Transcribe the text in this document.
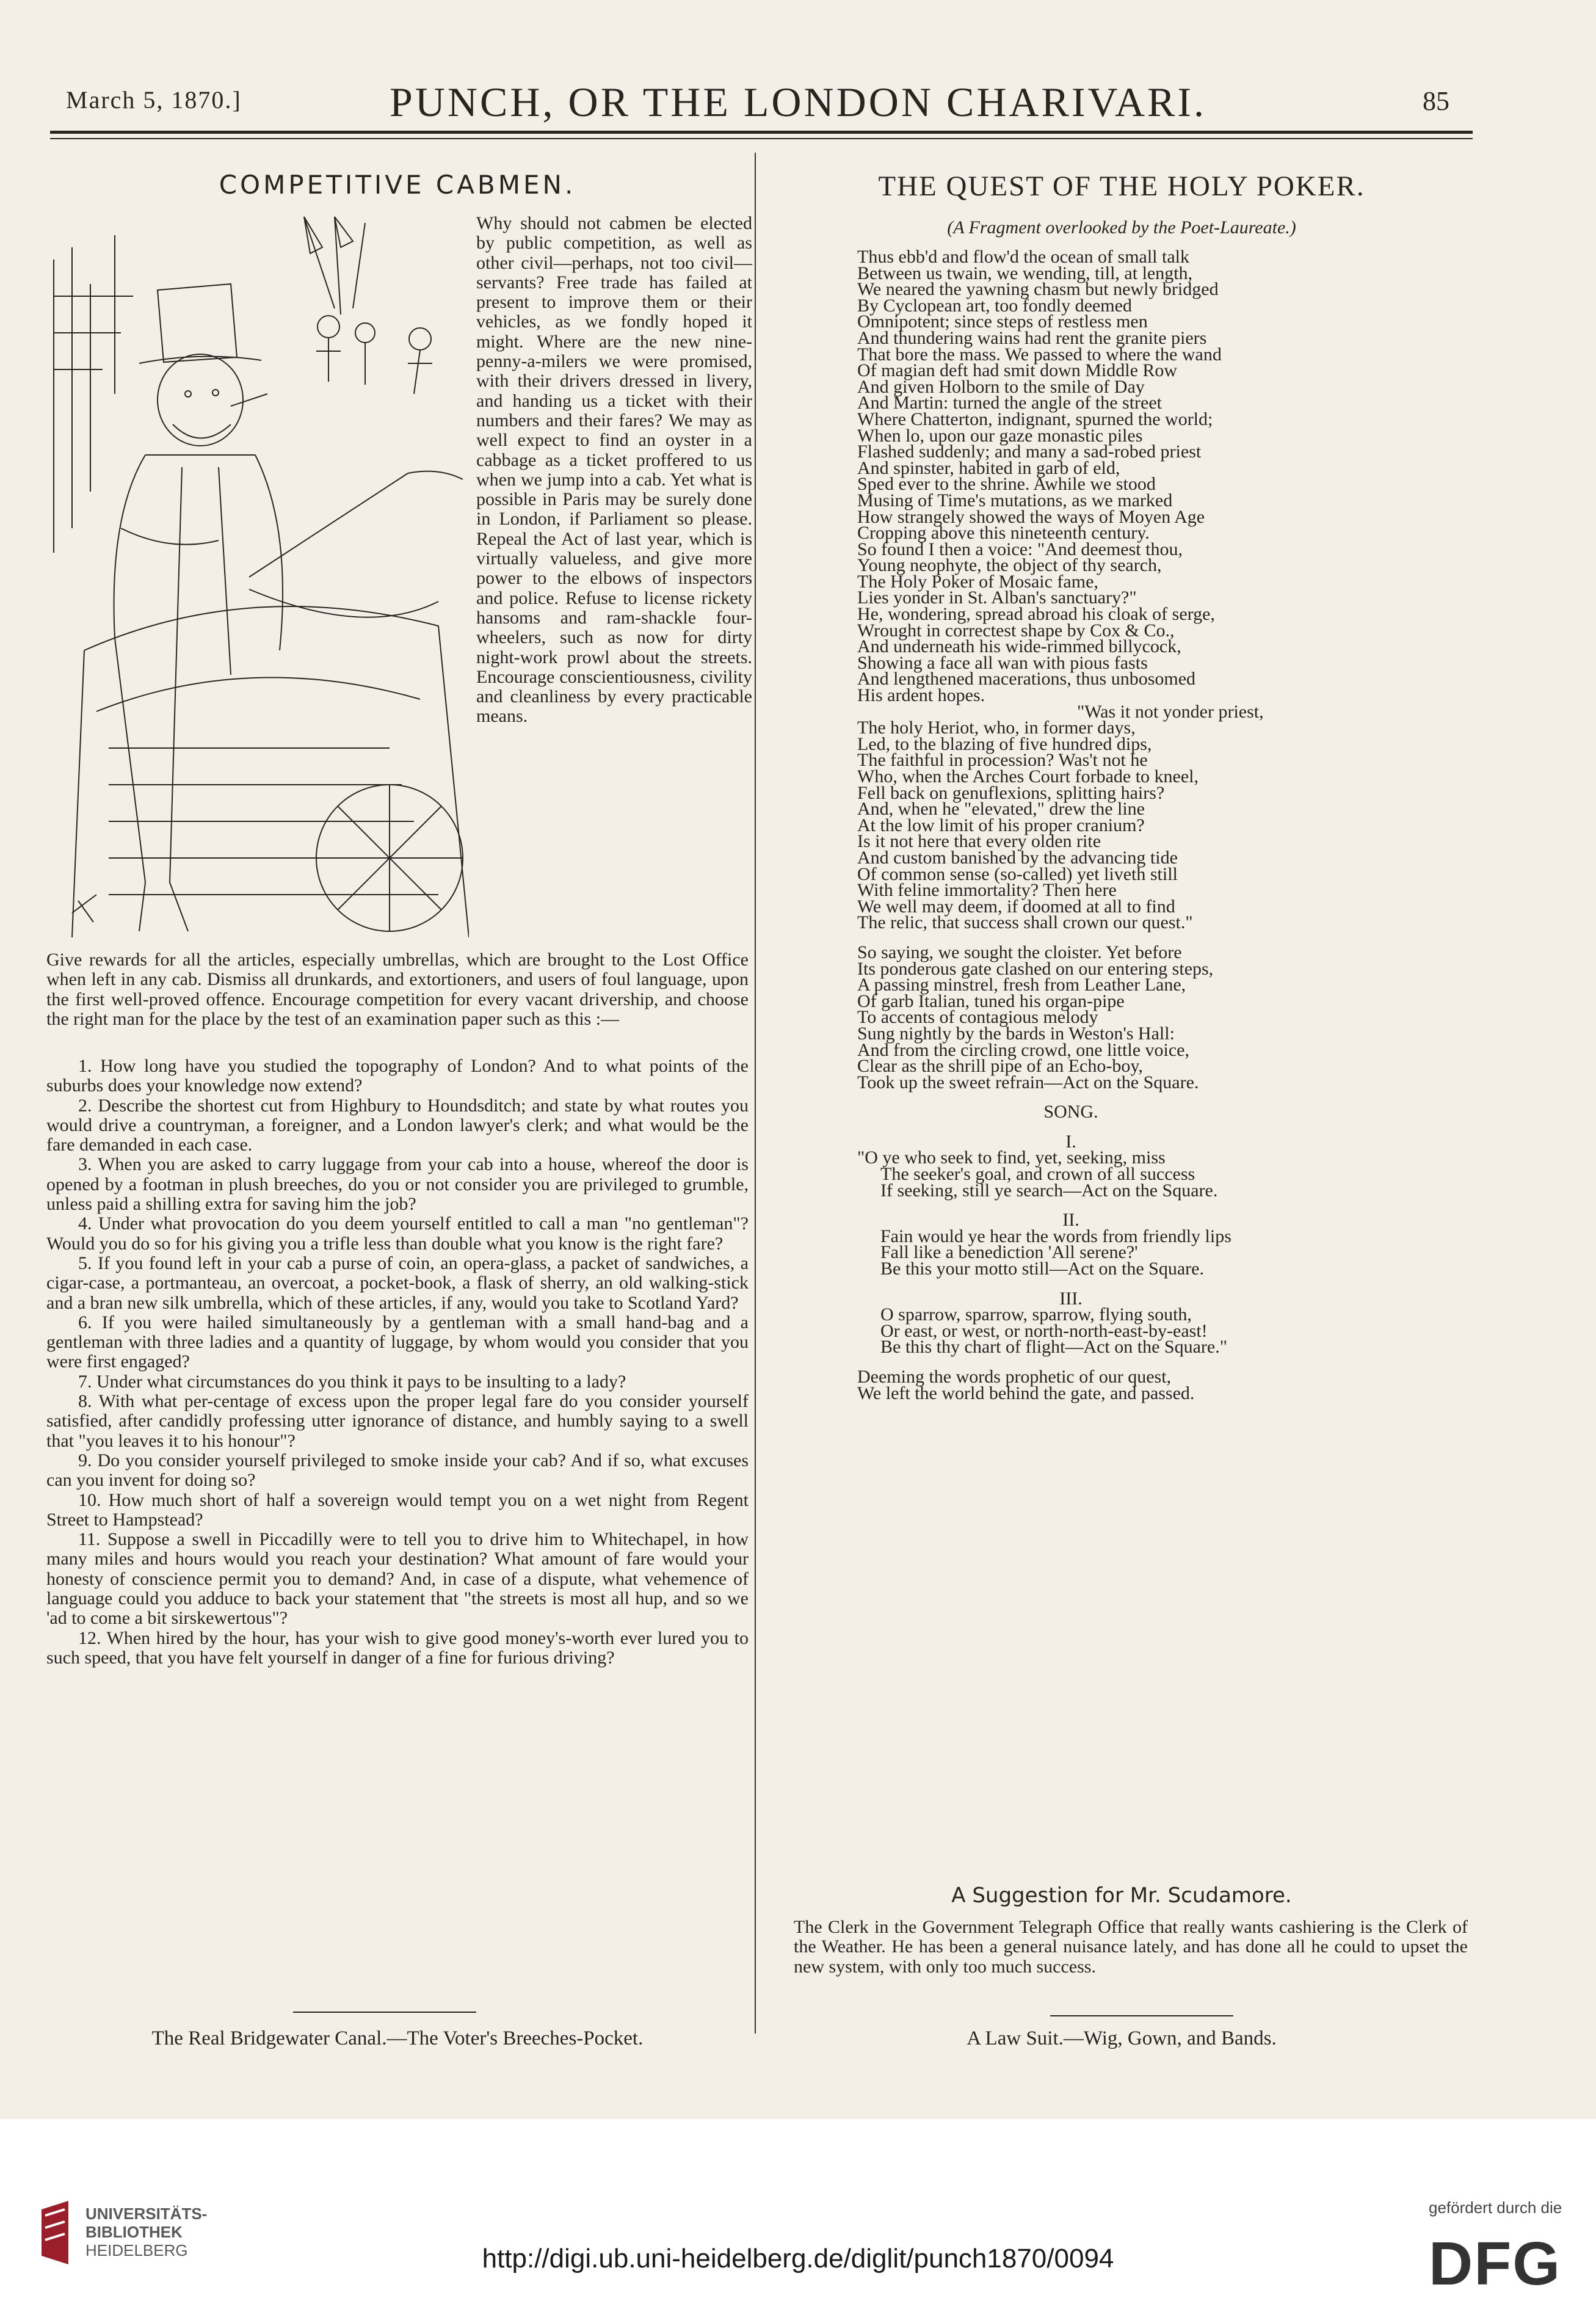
March 5, 1870.]	PUNCH, OR THE LONDON CHARIVARI.	85
COMPETITIVE CABMEN.
Why should not cabmen be elected by public competition, as well as other civil—perhaps, not too civil—servants? Free trade has failed at present to improve them or their vehicles, as we fondly hoped it might. Where are the new nine-penny-a-milers we were promised, with their drivers dressed in livery, and handing us a ticket with their numbers and their fares? We may as well expect to find an oyster in a cabbage as a ticket proffered to us when we jump into a cab. Yet what is possible in Paris may be surely done in London, if Parliament so please. Repeal the Act of last year, which is virtually valueless, and give more power to the elbows of inspectors and police. Refuse to license rickety hansoms and ram-shackle four-wheelers, such as now for dirty night-work prowl about the streets. Encourage conscientiousness, civility and cleanliness by every practicable means.
Give rewards for all the articles, especially umbrellas, which are brought to the Lost Office when left in any cab. Dismiss all drunkards, and extortioners, and users of foul language, upon the first well-proved offence. Encourage competition for every vacant drivership, and choose the right man for the place by the test of an examination paper such as this :—

1. How long have you studied the topography of London? And to what points of the suburbs does your knowledge now extend?

2. Describe the shortest cut from Highbury to Houndsditch; and state by what routes you would drive a countryman, a foreigner, and a London lawyer's clerk; and what would be the fare demanded in each case.

3. When you are asked to carry luggage from your cab into a house, whereof the door is opened by a footman in plush breeches, do you or not consider you are privileged to grumble, unless paid a shilling extra for saving him the job?

4. Under what provocation do you deem yourself entitled to call a man "no gentleman"? Would you do so for his giving you a trifle less than double what you know is the right fare?

5. If you found left in your cab a purse of coin, an opera-glass, a packet of sandwiches, a cigar-case, a portmanteau, an overcoat, a pocket-book, a flask of sherry, an old walking-stick and a bran new silk umbrella, which of these articles, if any, would you take to Scotland Yard?

6. If you were hailed simultaneously by a gentleman with a small hand-bag and a gentleman with three ladies and a quantity of luggage, by whom would you consider that you were first engaged?

7. Under what circumstances do you think it pays to be insulting to a lady?

8. With what per-centage of excess upon the proper legal fare do you consider yourself satisfied, after candidly professing utter ignorance of distance, and humbly saying to a swell that "you leaves it to his honour"?

9. Do you consider yourself privileged to smoke inside your cab? And if so, what excuses can you invent for doing so?

10. How much short of half a sovereign would tempt you on a wet night from Regent Street to Hampstead?

11. Suppose a swell in Piccadilly were to tell you to drive him to Whitechapel, in how many miles and hours would you reach your destination? What amount of fare would your honesty of conscience permit you to demand? And, in case of a dispute, what vehemence of language could you adduce to back your statement that "the streets is most all hup, and so we 'ad to come a bit sirskewertous"?

12. When hired by the hour, has your wish to give good money's-worth ever lured you to such speed, that you have felt yourself in danger of a fine for furious driving?

The Real Bridgewater Canal.—The Voter's Breeches-Pocket.
THE QUEST OF THE HOLY POKER.
(A Fragment overlooked by the Poet-Laureate.)
Thus ebb'd and flow'd the ocean of small talk
Between us twain, we wending, till, at length,
We neared the yawning chasm but newly bridged
By Cyclopean art, too fondly deemed
Omnipotent; since steps of restless men
And thundering wains had rent the granite piers
That bore the mass. We passed to where the wand
Of magian deft had smit down Middle Row
And given Holborn to the smile of Day
And Martin: turned the angle of the street
Where Chatterton, indignant, spurned the world;
When lo, upon our gaze monastic piles
Flashed suddenly; and many a sad-robed priest
And spinster, habited in garb of eld,
Sped ever to the shrine. Awhile we stood
Musing of Time's mutations, as we marked
How strangely showed the ways of Moyen Age
Cropping above this nineteenth century.
So found I then a voice: "And deemest thou,
Young neophyte, the object of thy search,
The Holy Poker of Mosaic fame,
Lies yonder in St. Alban's sanctuary?"
He, wondering, spread abroad his cloak of serge,
Wrought in correctest shape by Cox & Co.,
And underneath his wide-rimmed billycock,
Showing a face all wan with pious fasts
And lengthened macerations, thus unbosomed
His ardent hopes.
"Was it not yonder priest,
The holy Heriot, who, in former days,
Led, to the blazing of five hundred dips,
The faithful in procession? Was't not he
Who, when the Arches Court forbade to kneel,
Fell back on genuflexions, splitting hairs?
And, when he "elevated," drew the line
At the low limit of his proper cranium?
Is it not here that every olden rite
And custom banished by the advancing tide
Of common sense (so-called) yet liveth still
With feline immortality? Then here
We well may deem, if doomed at all to find
The relic, that success shall crown our quest."
So saying, we sought the cloister. Yet before
Its ponderous gate clashed on our entering steps,
A passing minstrel, fresh from Leather Lane,
Of garb Italian, tuned his organ-pipe
To accents of contagious melody
Sung nightly by the bards in Weston's Hall:
And from the circling crowd, one little voice,
Clear as the shrill pipe of an Echo-boy,
Took up the sweet refrain—Act on the Square.
SONG.
I.
"O ye who seek to find, yet, seeking, miss
The seeker's goal, and crown of all success
If seeking, still ye search—Act on the Square.
II.
Fain would ye hear the words from friendly lips
Fall like a benediction 'All serene?'
Be this your motto still—Act on the Square.
III.
O sparrow, sparrow, sparrow, flying south,
Or east, or west, or north-north-east-by-east!
Be this thy chart of flight—Act on the Square."
Deeming the words prophetic of our quest,
We left the world behind the gate, and passed.
A Suggestion for Mr. Scudamore.
The Clerk in the Government Telegraph Office that really wants cashiering is the Clerk of the Weather. He has been a general nuisance lately, and has done all he could to upset the new system, with only too much success.
A Law Suit.—Wig, Gown, and Bands.
UNIVERSITÄTS-
BIBLIOTHEK
HEIDELBERG	http://digi.ub.uni-heidelberg.de/diglit/punch1870/0094
gefördert durch die
DFG
